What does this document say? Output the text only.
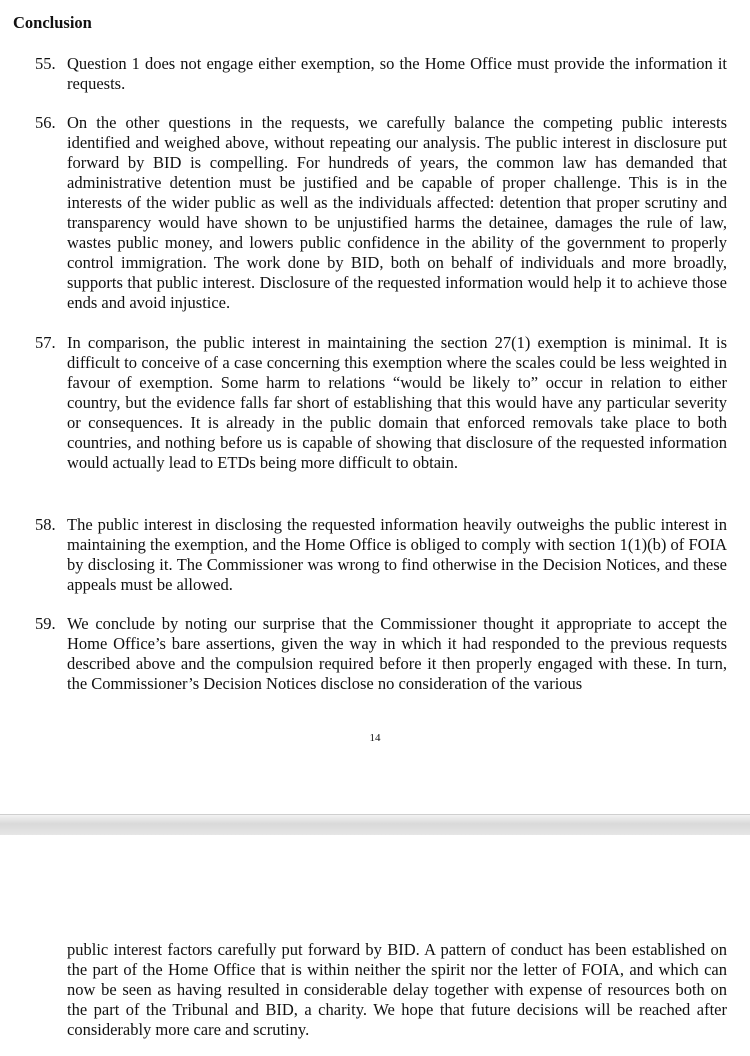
Conclusion
55. Question 1 does not engage either exemption, so the Home Office must provide the information it requests.
56. On the other questions in the requests, we carefully balance the competing public interests identified and weighed above, without repeating our analysis. The public interest in disclosure put forward by BID is compelling. For hundreds of years, the common law has demanded that administrative detention must be justified and be capable of proper challenge. This is in the interests of the wider public as well as the individuals affected: detention that proper scrutiny and transparency would have shown to be unjustified harms the detainee, damages the rule of law, wastes public money, and lowers public confidence in the ability of the government to properly control immigration. The work done by BID, both on behalf of individuals and more broadly, supports that public interest. Disclosure of the requested information would help it to achieve those ends and avoid injustice.
57. In comparison, the public interest in maintaining the section 27(1) exemption is minimal. It is difficult to conceive of a case concerning this exemption where the scales could be less weighted in favour of exemption. Some harm to relations “would be likely to” occur in relation to either country, but the evidence falls far short of establishing that this would have any particular severity or consequences. It is already in the public domain that enforced removals take place to both countries, and nothing before us is capable of showing that disclosure of the requested information would actually lead to ETDs being more difficult to obtain.
58. The public interest in disclosing the requested information heavily outweighs the public interest in maintaining the exemption, and the Home Office is obliged to comply with section 1(1)(b) of FOIA by disclosing it. The Commissioner was wrong to find otherwise in the Decision Notices, and these appeals must be allowed.
59. We conclude by noting our surprise that the Commissioner thought it appropriate to accept the Home Office’s bare assertions, given the way in which it had responded to the previous requests described above and the compulsion required before it then properly engaged with these. In turn, the Commissioner’s Decision Notices disclose no consideration of the various
14
public interest factors carefully put forward by BID. A pattern of conduct has been established on the part of the Home Office that is within neither the spirit nor the letter of FOIA, and which can now be seen as having resulted in considerable delay together with expense of resources both on the part of the Tribunal and BID, a charity. We hope that future decisions will be reached after considerably more care and scrutiny.
